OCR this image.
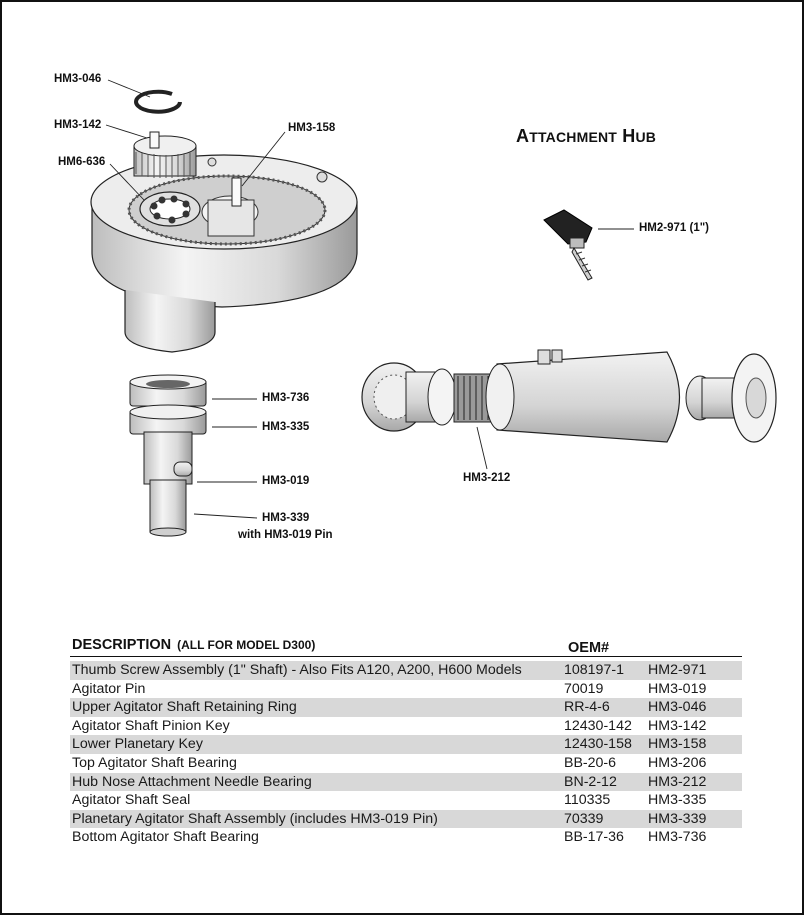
HM3-046
HM3-142
HM6-636
HM3-158
HM2-971 (1")
HM3-736
HM3-335
HM3-019
HM3-339
with HM3-019 Pin
HM3-212
ATTACHMENT HUB
DESCRIPTION (ALL FOR MODEL D300)	OEM#
Thumb Screw Assembly (1" Shaft) - Also Fits A120, A200, H600 Models	108197-1 HM2-971
Agitator Pin	70019	HM3-019
Upper Agitator Shaft Retaining Ring	RR-4-6	HM3-046
Agitator Shaft Pinion Key	12430-142 HM3-142
Lower Planetary Key	12430-158 HM3-158
Top Agitator Shaft Bearing	BB-20-6 HM3-206
Hub Nose Attachment Needle Bearing	BN-2-12 HM3-212
Agitator Shaft Seal	110335	HM3-335
Planetary Agitator Shaft Assembly (includes HM3-019 Pin)	70339	HM3-339
Bottom Agitator Shaft Bearing	BB-17-36 HM3-736
